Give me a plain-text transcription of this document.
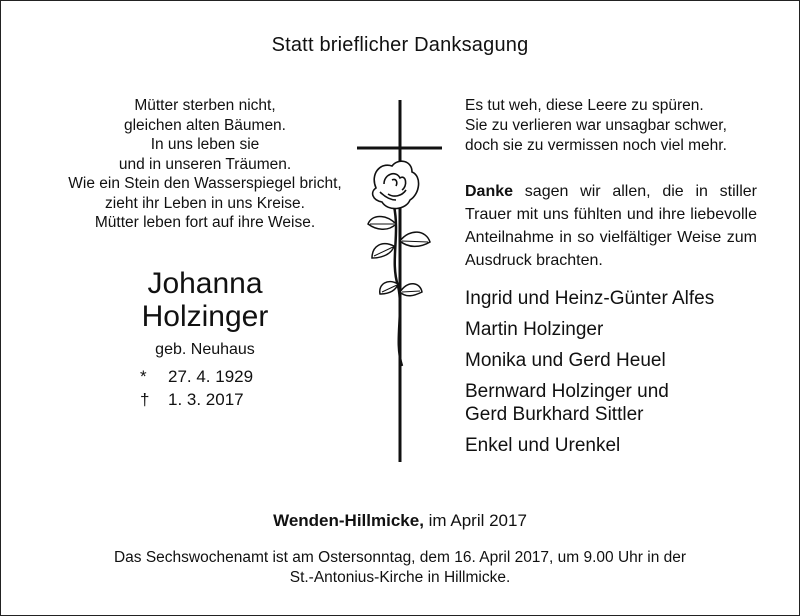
Statt brieflicher Danksagung
Mütter sterben nicht,
gleichen alten Bäumen.
In uns leben sie
und in unseren Träumen.
Wie ein Stein den Wasserspiegel bricht,
zieht ihr Leben in uns Kreise.
Mütter leben fort auf ihre Weise.
Johanna
Holzinger
geb. Neuhaus
*	27. 4. 1929
†	1. 3. 2017
Es tut weh, diese Leere zu spüren.
Sie zu verlieren war unsagbar schwer,
doch sie zu vermissen noch viel mehr.
Danke sagen wir allen, die in stiller Trauer mit uns fühlten und ihre liebevolle Anteilnahme in so vielfältiger Weise zum Ausdruck brachten.
Ingrid und Heinz-Günter Alfes
Martin Holzinger
Monika und Gerd Heuel
Bernward Holzinger und
Gerd Burkhard Sittler
Enkel und Urenkel
Wenden-Hillmicke, im April 2017
Das Sechswochenamt ist am Ostersonntag, dem 16. April 2017, um 9.00 Uhr in der
St.-Antonius-Kirche in Hillmicke.
